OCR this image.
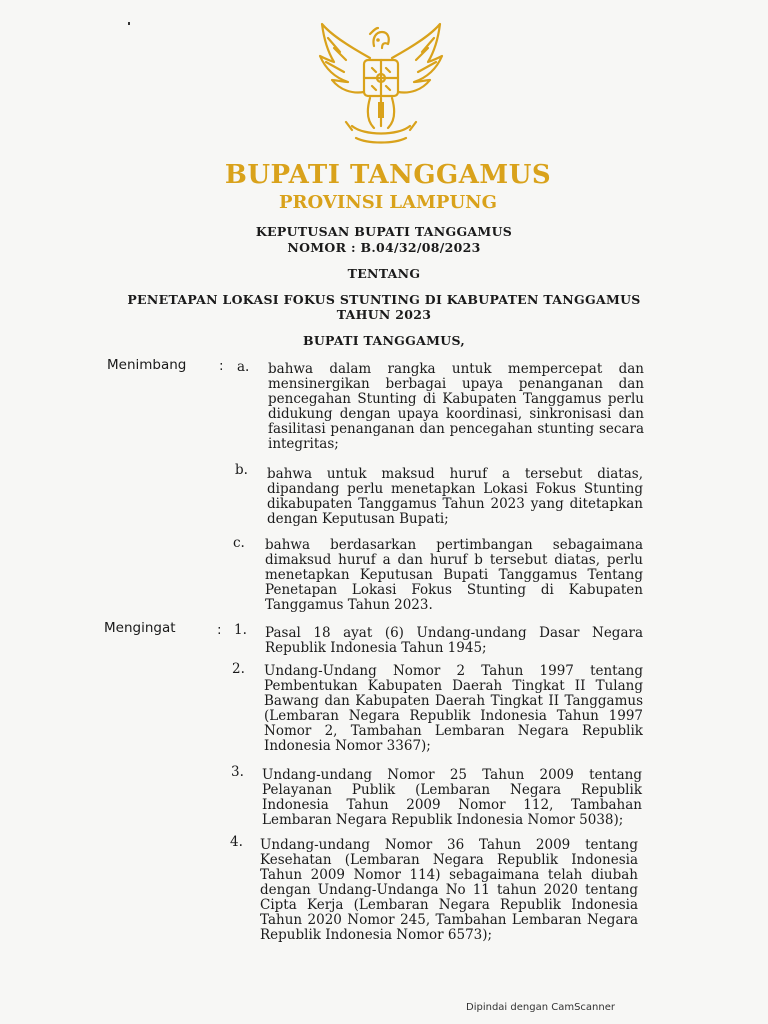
BUPATI TANGGAMUS
PROVINSI LAMPUNG
KEPUTUSAN BUPATI TANGGAMUS
NOMOR : B.04/32/08/2023
TENTANG
PENETAPAN LOKASI FOKUS STUNTING DI KABUPATEN TANGGAMUS
TAHUN 2023
BUPATI TANGGAMUS,
Menimbang : a. bahwa dalam rangka untuk mempercepat dan mensinergikan berbagai upaya penanganan dan pencegahan Stunting di Kabupaten Tanggamus perlu didukung dengan upaya koordinasi, sinkronisasi dan fasilitasi penanganan dan pencegahan stunting secara integritas;
b. bahwa untuk maksud huruf a tersebut diatas, dipandang perlu menetapkan Lokasi Fokus Stunting dikabupaten Tanggamus Tahun 2023 yang ditetapkan dengan Keputusan Bupati;
c. bahwa berdasarkan pertimbangan sebagaimana dimaksud huruf a dan huruf b tersebut diatas, perlu menetapkan Keputusan Bupati Tanggamus Tentang Penetapan Lokasi Fokus Stunting di Kabupaten Tanggamus Tahun 2023.
Mengingat	: 1. Pasal 18 ayat (6) Undang-undang Dasar Negara Republik Indonesia Tahun 1945;
2. Undang-Undang Nomor 2 Tahun 1997 tentang Pembentukan Kabupaten Daerah Tingkat II Tulang Bawang dan Kabupaten Daerah Tingkat II Tanggamus (Lembaran Negara Republik Indonesia Tahun 1997 Nomor 2, Tambahan Lembaran Negara Republik Indonesia Nomor 3367);
3. Undang-undang Nomor 25 Tahun 2009 tentang Pelayanan Publik (Lembaran Negara Republik Indonesia Tahun 2009 Nomor 112, Tambahan Lembaran Negara Republik Indonesia Nomor 5038);
4. Undang-undang Nomor 36 Tahun 2009 tentang Kesehatan (Lembaran Negara Republik Indonesia Tahun 2009 Nomor 114) sebagaimana telah diubah dengan Undang-Undanga No 11 tahun 2020 tentang Cipta Kerja (Lembaran Negara Republik Indonesia Tahun 2020 Nomor 245, Tambahan Lembaran Negara Republik Indonesia Nomor 6573);
Dipindai dengan CamScanner
